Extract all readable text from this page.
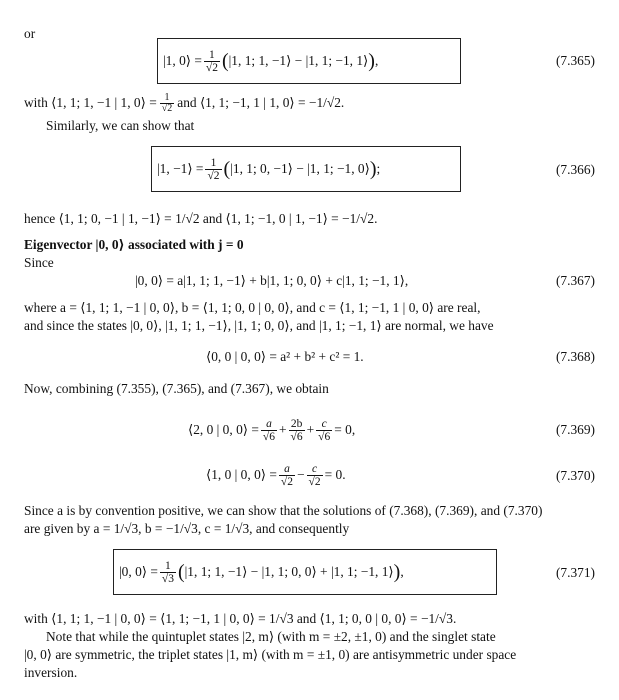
or
|1, 0⟩ = $\frac{1}{√2}$ ( |1, 1; 1, −1⟩ − |1, 1; −1, 1⟩ ) ,	(7.365)
with ⟨1, 1; 1, −1 | 1, 0⟩ = $\frac{1}{√2}$ and ⟨1, 1; −1, 1 | 1, 0⟩ = −1/√2.
Similarly, we can show that
|1, −1⟩ = $\frac{1}{√2}$ ( |1, 1; 0, −1⟩ − |1, 1; −1, 0⟩ ) ;	(7.366)
hence ⟨1, 1; 0, −1 | 1, −1⟩ = 1/√2 and ⟨1, 1; −1, 0 | 1, −1⟩ = −1/√2.
Eigenvector |0, 0⟩ associated with j = 0
Since
|0, 0⟩ = a|1, 1; 1, −1⟩ + b|1, 1; 0, 0⟩ + c|1, 1; −1, 1⟩,	(7.367)
where a = ⟨1, 1; 1, −1 | 0, 0⟩, b = ⟨1, 1; 0, 0 | 0, 0⟩, and c = ⟨1, 1; −1, 1 | 0, 0⟩ are real,
and since the states |0, 0⟩, |1, 1; 1, −1⟩, |1, 1; 0, 0⟩, and |1, 1; −1, 1⟩ are normal, we have
⟨0, 0 | 0, 0⟩ = a² + b² + c² = 1.	(7.368)
Now, combining (7.355), (7.365), and (7.367), we obtain
⟨2, 0 | 0, 0⟩ = $\frac{a}{√6} + \frac{2b}{√6} + \frac{c}{√6} = 0$,	(7.369)
⟨1, 0 | 0, 0⟩ = $\frac{a}{√2} - \frac{c}{√2} = 0$.	(7.370)
Since a is by convention positive, we can show that the solutions of (7.368), (7.369), and (7.370)
are given by a = 1/√3, b = −1/√3, c = 1/√3, and consequently
|0, 0⟩ = $\frac{1}{√3}$ ( |1, 1; 1, −1⟩ − |1, 1; 0, 0⟩ + |1, 1; −1, 1⟩ ) ,	(7.371)
with ⟨1, 1; 1, −1 | 0, 0⟩ = ⟨1, 1; −1, 1 | 0, 0⟩ = 1/√3 and ⟨1, 1; 0, 0 | 0, 0⟩ = −1/√3.
Note that while the quintuplet states |2, m⟩ (with m = ±2, ±1, 0) and the singlet state
|0, 0⟩ are symmetric, the triplet states |1, m⟩ (with m = ±1, 0) are antisymmetric under space
inversion.
